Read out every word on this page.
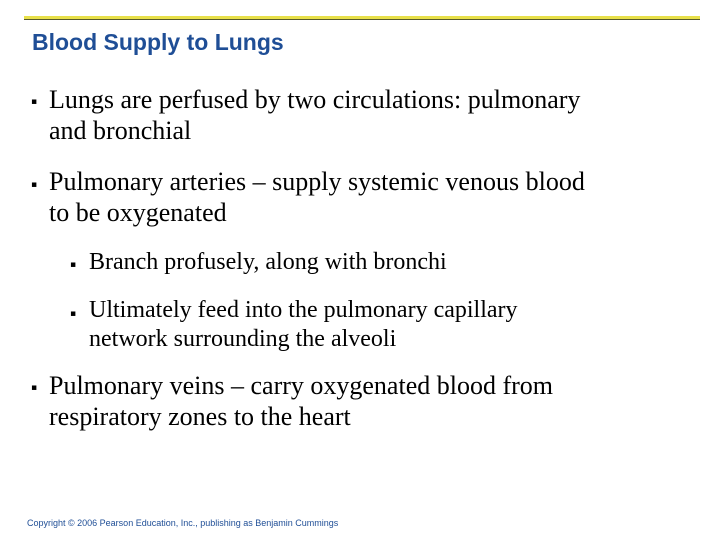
Blood Supply to Lungs
▪ Lungs are perfused by two circulations: pulmonary
and bronchial
▪ Pulmonary arteries – supply systemic venous blood
to be oxygenated
▪ Branch profusely, along with bronchi
▪ Ultimately feed into the pulmonary capillary
network surrounding the alveoli
▪ Pulmonary veins – carry oxygenated blood from
respiratory zones to the heart
Copyright © 2006 Pearson Education, Inc., publishing as Benjamin Cummings
